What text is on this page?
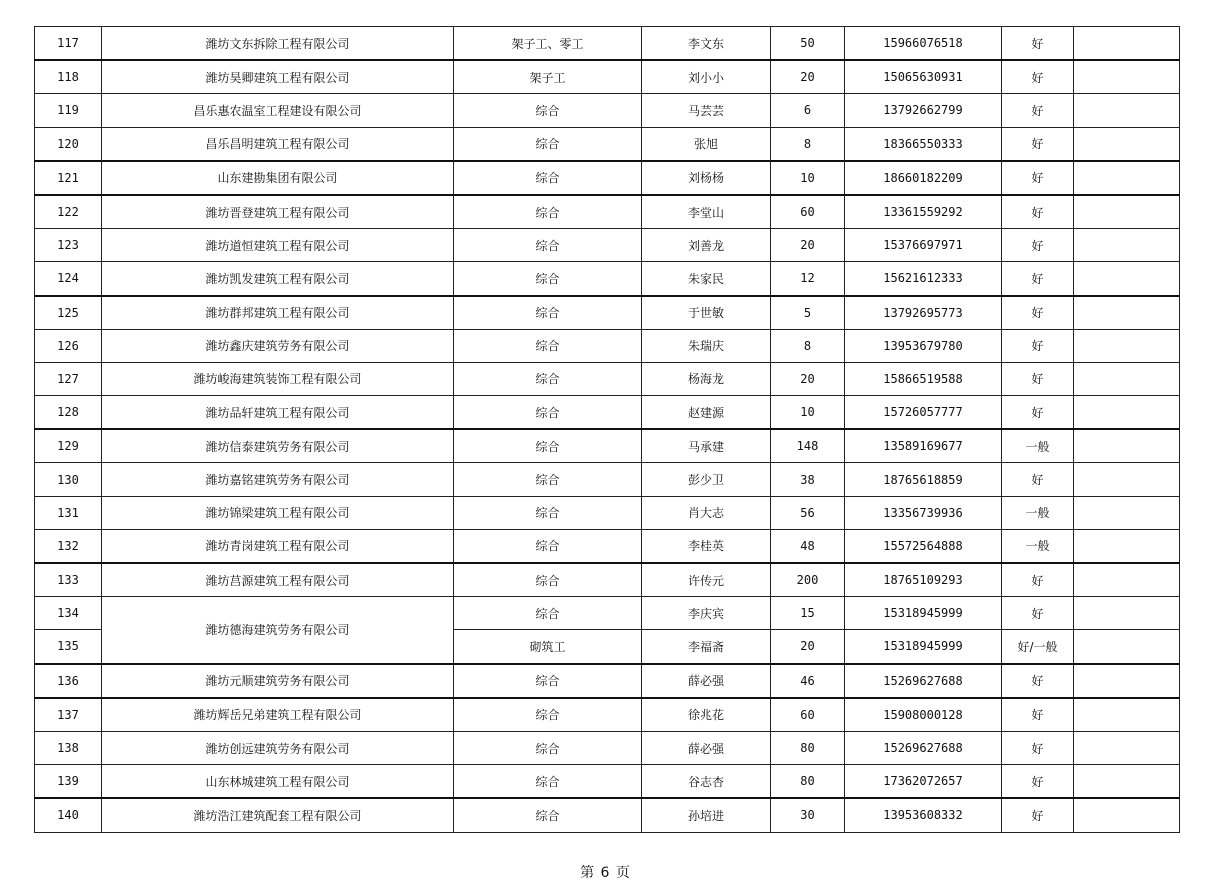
117	潍坊文东拆除工程有限公司	架子工、零工	李文东	50	15966076518	好	
118	潍坊昊卿建筑工程有限公司	架子工	刘小小	20	15065630931	好	
119	昌乐惠农温室工程建设有限公司	综合	马芸芸	6	13792662799	好	
120	昌乐昌明建筑工程有限公司	综合	张旭	8	18366550333	好	
121	山东建勘集团有限公司	综合	刘杨杨	10	18660182209	好	
122	潍坊晋登建筑工程有限公司	综合	李堂山	60	13361559292	好	
123	潍坊道恒建筑工程有限公司	综合	刘善龙	20	15376697971	好	
124	潍坊凯发建筑工程有限公司	综合	朱家民	12	15621612333	好	
125	潍坊群邦建筑工程有限公司	综合	于世敏	5	13792695773	好	
126	潍坊鑫庆建筑劳务有限公司	综合	朱瑞庆	8	13953679780	好	
127	潍坊峻海建筑装饰工程有限公司	综合	杨海龙	20	15866519588	好	
128	潍坊品轩建筑工程有限公司	综合	赵建源	10	15726057777	好	
129	潍坊信泰建筑劳务有限公司	综合	马承建	148	13589169677	一般	
130	潍坊嘉铭建筑劳务有限公司	综合	彭少卫	38	18765618859	好	
131	潍坊锦梁建筑工程有限公司	综合	肖大志	56	13356739936	一般	
132	潍坊青岗建筑工程有限公司	综合	李桂英	48	15572564888	一般	
133	潍坊莒源建筑工程有限公司	综合	许传元	200	18765109293	好	
134	潍坊德海建筑劳务有限公司	综合	李庆宾	15	15318945999	好	
135		砌筑工	李福斋	20	15318945999	好/一般	
136	潍坊元顺建筑劳务有限公司	综合	薛必强	46	15269627688	好	
137	潍坊辉岳兄弟建筑工程有限公司	综合	徐兆花	60	15908000128	好	
138	潍坊创远建筑劳务有限公司	综合	薛必强	80	15269627688	好	
139	山东林城建筑工程有限公司	综合	谷志杏	80	17362072657	好	
140	潍坊浩江建筑配套工程有限公司	综合	孙培进	30	13953608332	好	
第 6 页
